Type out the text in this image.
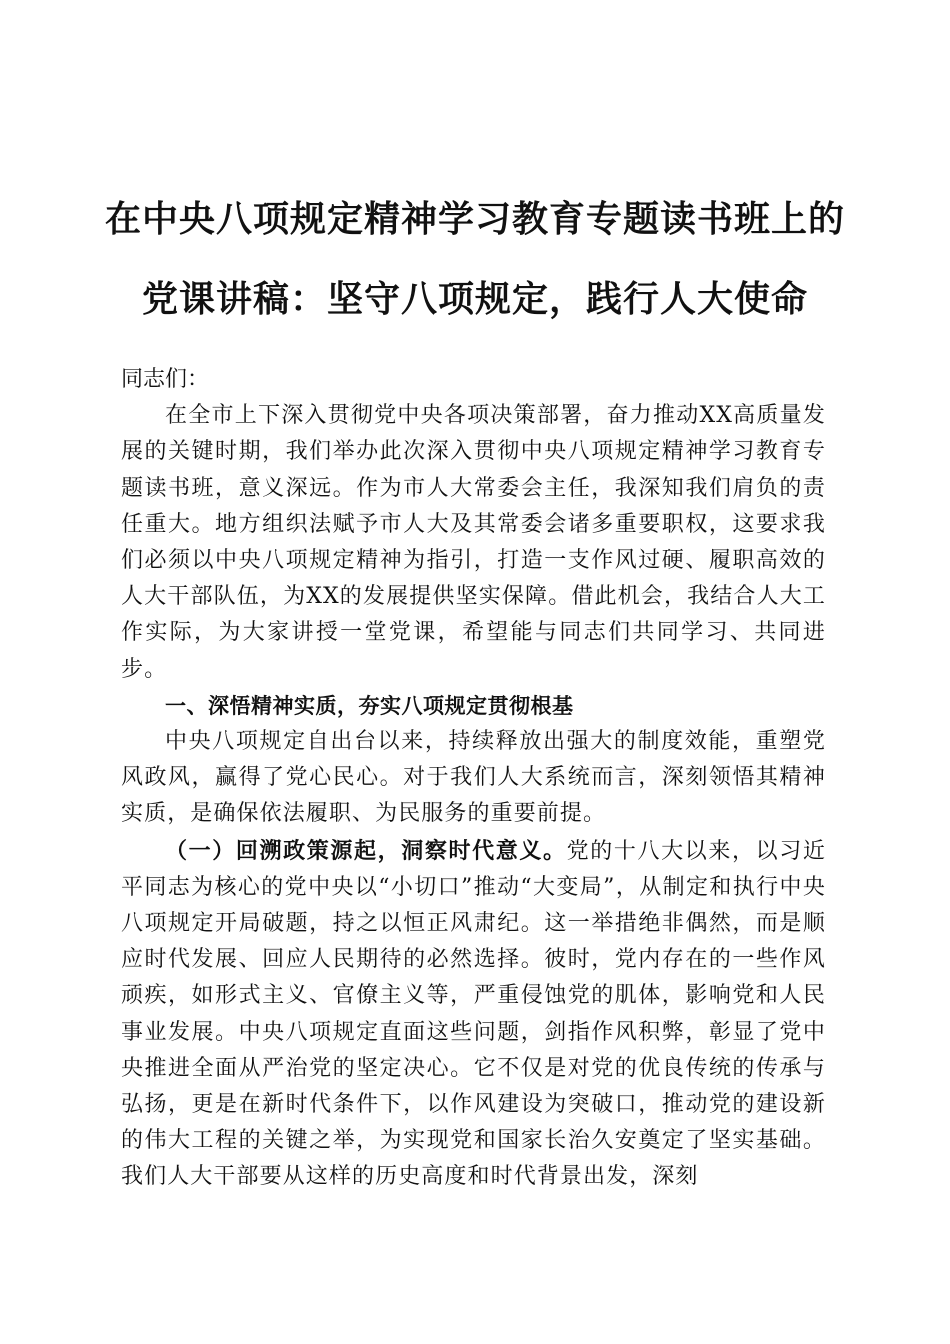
在中央八项规定精神学习教育专题读书班上的
党课讲稿：坚守八项规定，践行人大使命

同志们：

在全市上下深入贯彻党中央各项决策部署，奋力推动XX高质量发展的关键时期，我们举办此次深入贯彻中央八项规定精神学习教育专题读书班，意义深远。作为市人大常委会主任，我深知我们肩负的责任重大。地方组织法赋予市人大及其常委会诸多重要职权，这要求我们必须以中央八项规定精神为指引，打造一支作风过硬、履职高效的人大干部队伍，为XX的发展提供坚实保障。借此机会，我结合人大工作实际，为大家讲授一堂党课，希望能与同志们共同学习、共同进步。

一、深悟精神实质，夯实八项规定贯彻根基

中央八项规定自出台以来，持续释放出强大的制度效能，重塑党风政风，赢得了党心民心。对于我们人大系统而言，深刻领悟其精神实质，是确保依法履职、为民服务的重要前提。

（一）回溯政策源起，洞察时代意义。党的十八大以来，以习近平同志为核心的党中央以“小切口”推动“大变局”，从制定和执行中央八项规定开局破题，持之以恒正风肃纪。这一举措绝非偶然，而是顺应时代发展、回应人民期待的必然选择。彼时，党内存在的一些作风顽疾，如形式主义、官僚主义等，严重侵蚀党的肌体，影响党和人民事业发展。中央八项规定直面这些问题，剑指作风积弊，彰显了党中央推进全面从严治党的坚定决心。它不仅是对党的优良传统的传承与弘扬，更是在新时代条件下，以作风建设为突破口，推动党的建设新的伟大工程的关键之举，为实现党和国家长治久安奠定了坚实基础。我们人大干部要从这样的历史高度和时代背景出发，深刻
